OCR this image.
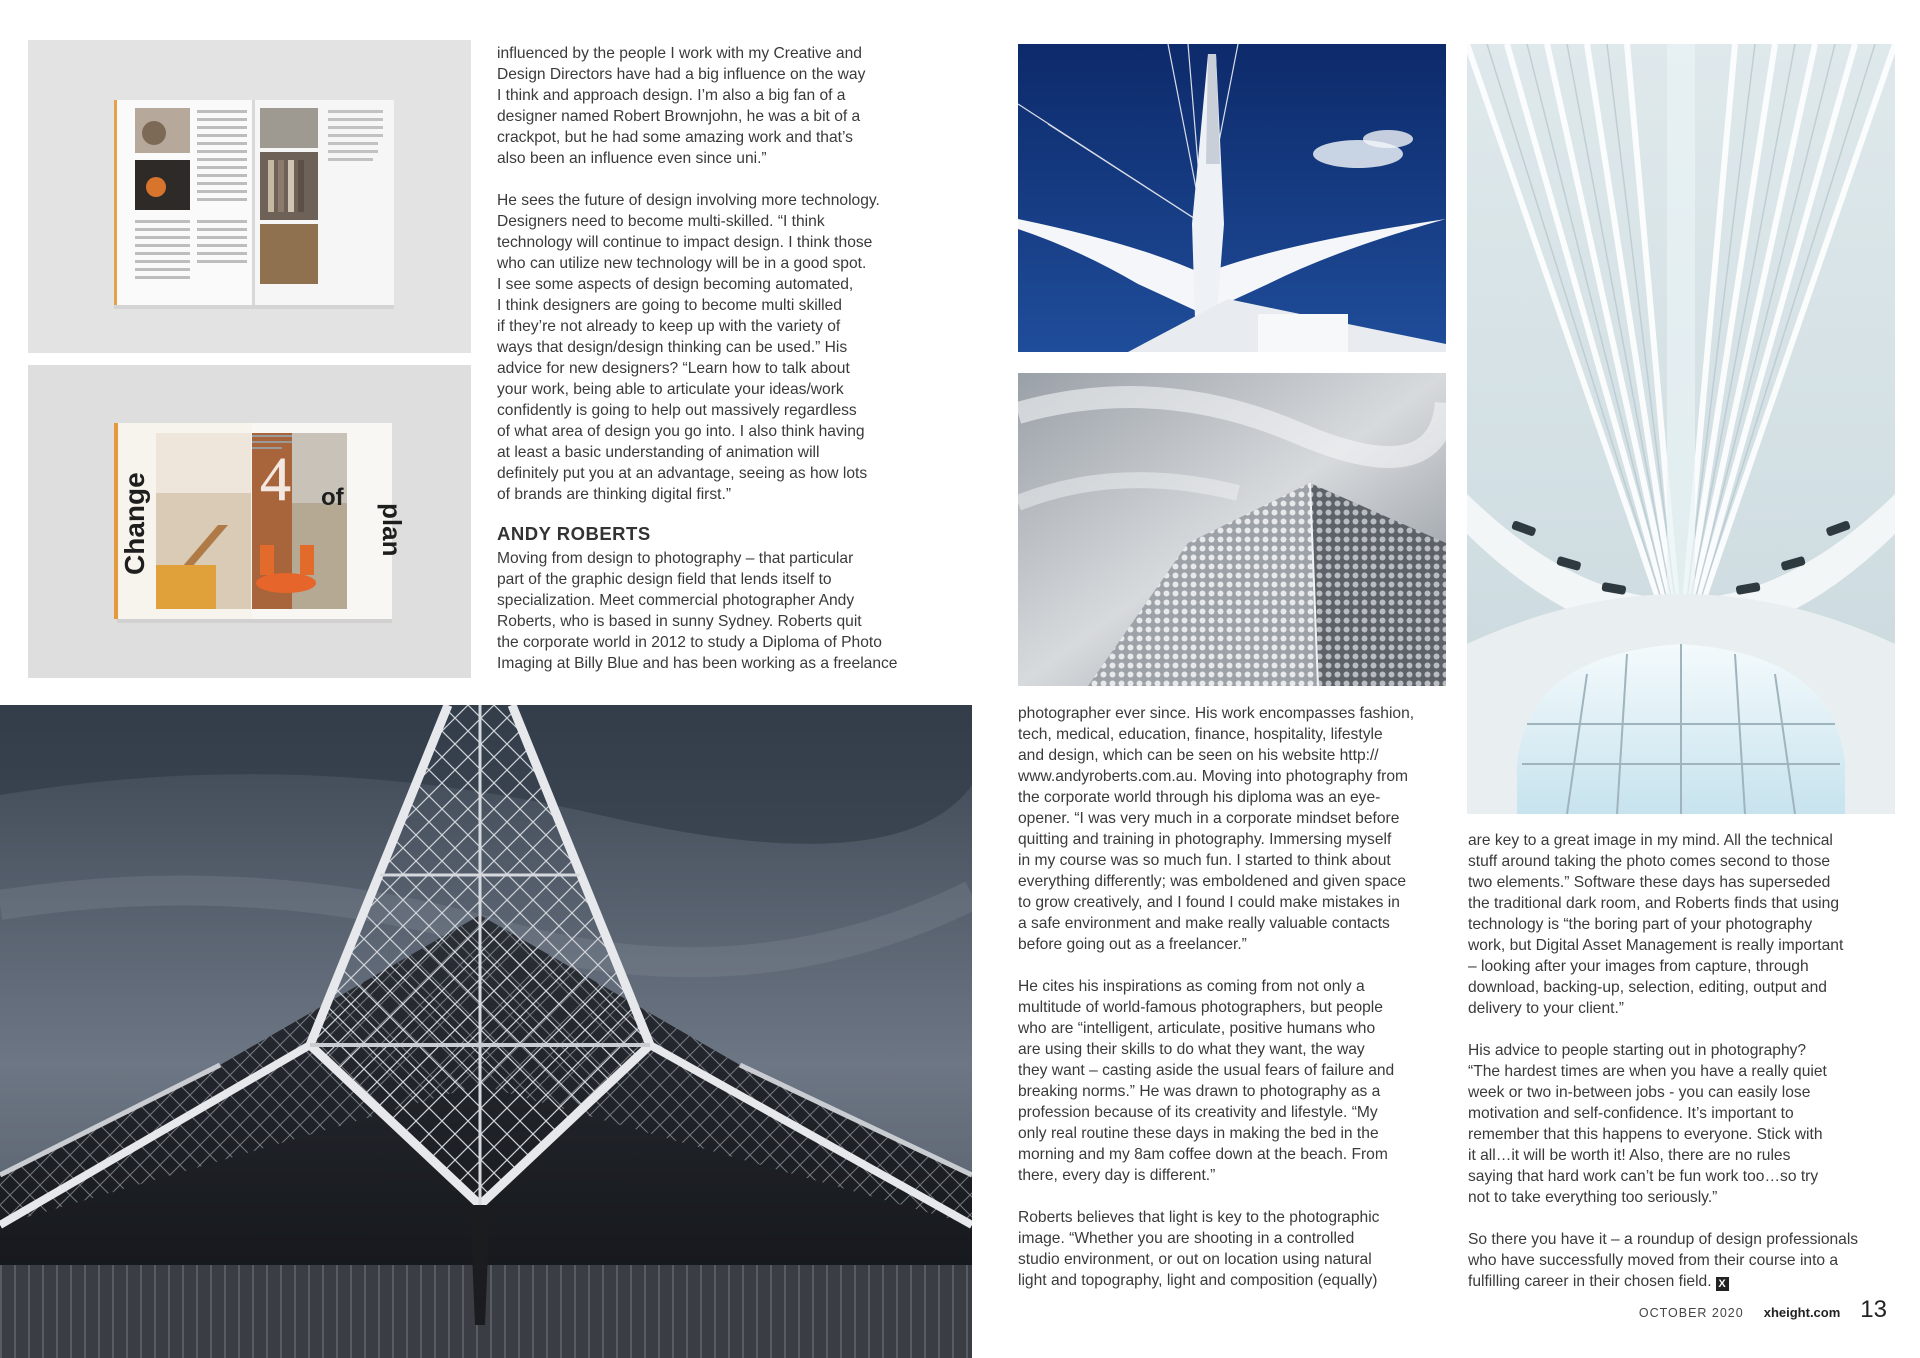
Change 4 of
plan

influenced by the people I work with my Creative and
Design Directors have had a big influence on the way
I think and approach design. I’m also a big fan of a
designer named Robert Brownjohn, he was a bit of a
crackpot, but he had some amazing work and that’s
also been an influence even since uni.”

He sees the future of design involving more technology.
Designers need to become multi-skilled. “I think
technology will continue to impact design. I think those
who can utilize new technology will be in a good spot.
I see some aspects of design becoming automated,
I think designers are going to become multi skilled
if they’re not already to keep up with the variety of
ways that design/design thinking can be used.” His
advice for new designers? “Learn how to talk about
your work, being able to articulate your ideas/work
confidently is going to help out massively regardless
of what area of design you go into. I also think having
at least a basic understanding of animation will
definitely put you at an advantage, seeing as how lots
of brands are thinking digital first.”

ANDY ROBERTS

Moving from design to photography – that particular
part of the graphic design field that lends itself to
specialization. Meet commercial photographer Andy
Roberts, who is based in sunny Sydney. Roberts quit
the corporate world in 2012 to study a Diploma of Photo
Imaging at Billy Blue and has been working as a freelance

photographer ever since. His work encompasses fashion,
tech, medical, education, finance, hospitality, lifestyle
and design, which can be seen on his website http://
www.andyroberts.com.au. Moving into photography from
the corporate world through his diploma was an eye-
opener. “I was very much in a corporate mindset before
quitting and training in photography. Immersing myself
in my course was so much fun. I started to think about
everything differently; was emboldened and given space
to grow creatively, and I found I could make mistakes in
a safe environment and make really valuable contacts
before going out as a freelancer.”

He cites his inspirations as coming from not only a
multitude of world-famous photographers, but people
who are “intelligent, articulate, positive humans who
are using their skills to do what they want, the way
they want – casting aside the usual fears of failure and
breaking norms.” He was drawn to photography as a
profession because of its creativity and lifestyle. “My
only real routine these days in making the bed in the
morning and my 8am coffee down at the beach. From
there, every day is different.”

Roberts believes that light is key to the photographic
image. “Whether you are shooting in a controlled
studio environment, or out on location using natural
light and topography, light and composition (equally)

are key to a great image in my mind. All the technical
stuff around taking the photo comes second to those
two elements.” Software these days has superseded
the traditional dark room, and Roberts finds that using
technology is “the boring part of your photography
work, but Digital Asset Management is really important
– looking after your images from capture, through
download, backing-up, selection, editing, output and
delivery to your client.”

His advice to people starting out in photography?
“The hardest times are when you have a really quiet
week or two in-between jobs - you can easily lose
motivation and self-confidence. It’s important to
remember that this happens to everyone. Stick with
it all…it will be worth it! Also, there are no rules
saying that hard work can’t be fun work too…so try
not to take everything too seriously.”

So there you have it – a roundup of design professionals
who have successfully moved from their course into a
fulfilling career in their chosen field. X

OCTOBER 2020 xheight.com 13
